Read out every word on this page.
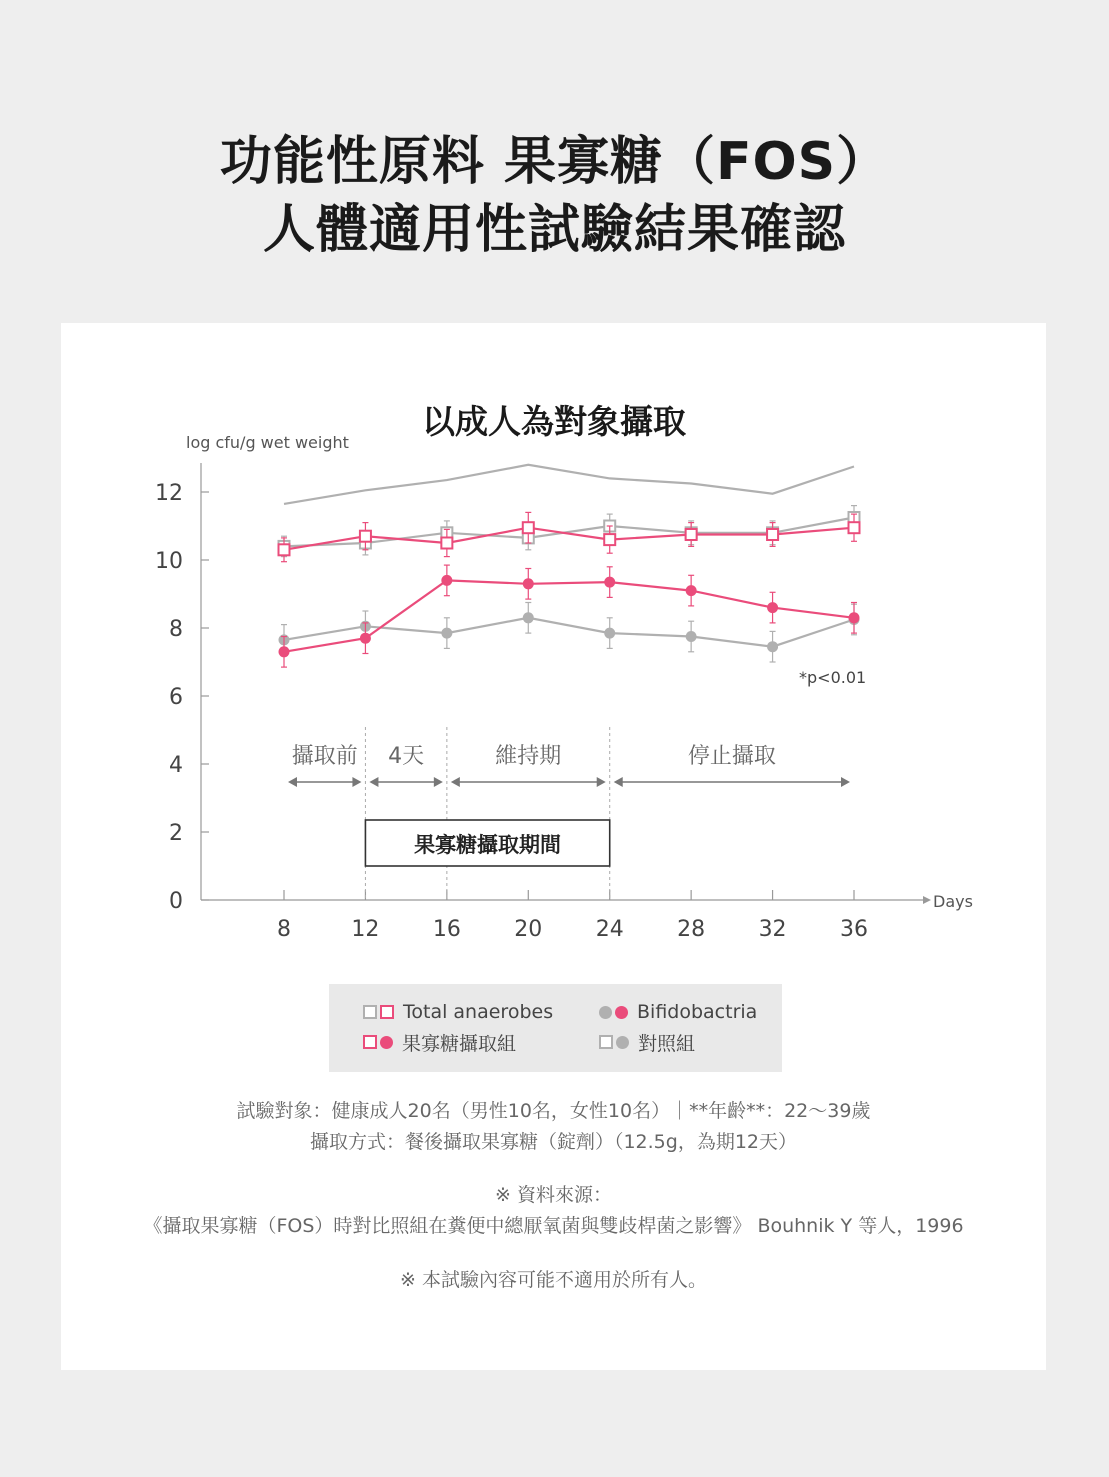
功能性原料 果寡糖（FOS）
人體適用性試驗結果確認
以成人為對象攝取
log cfu/g wet weight
Days
*p<0.01
0
2
4
6
8
10
12
8	12 16 20 24 28 32 36
攝取前 4天	維持期	停止攝取
果寡糖攝取期間
Total anaerobes	Bifidobactria
果寡糖攝取組	對照組
試驗對象：健康成人20名（男性10名，女性10名）｜**年齡**：22～39歲
攝取方式：餐後攝取果寡糖（錠劑）（12.5g，為期12天）
※ 資料來源：
《攝取果寡糖（FOS）時對比照組在糞便中總厭氧菌與雙歧桿菌之影響》 Bouhnik Y 等人，1996
※ 本試驗內容可能不適用於所有人。
